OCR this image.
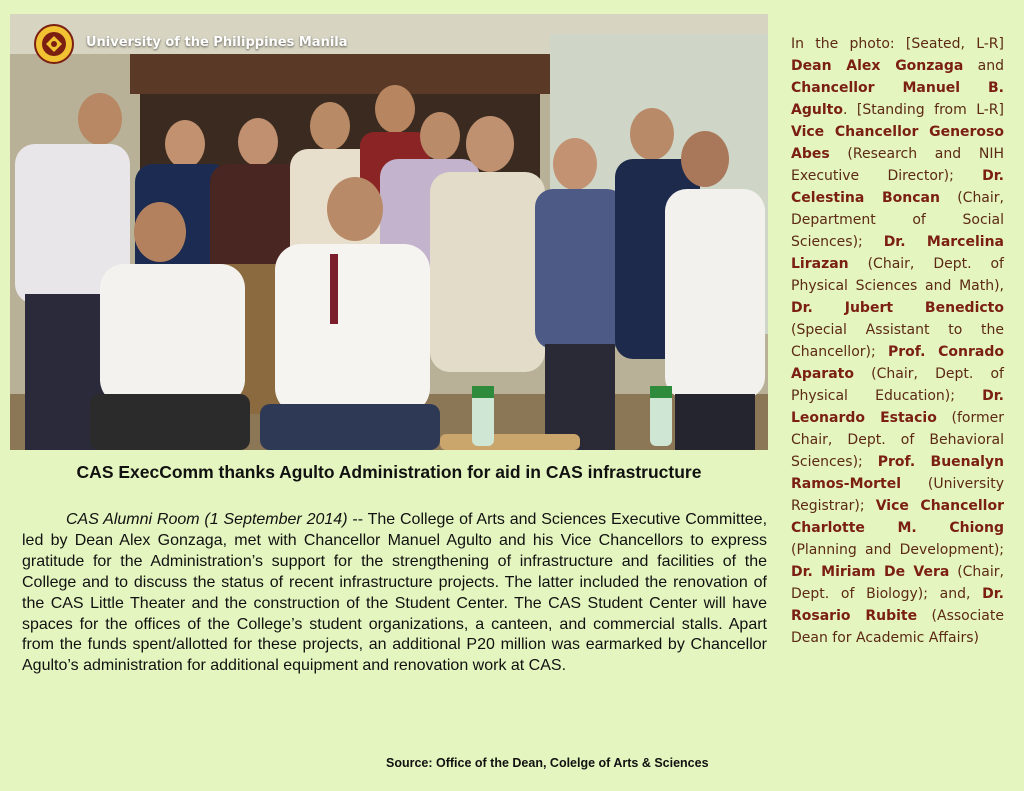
University of the Philippines Manila
CAS ExecComm thanks Agulto Administration for aid in CAS infrastructure

CAS Alumni Room (1 September 2014) -- The College of Arts and Sciences Executive Committee, led by Dean Alex Gonzaga, met with Chancellor Manuel Agulto and his Vice Chancellors to express gratitude for the Administration’s support for the strengthening of infrastructure and facilities of the College and to discuss the status of recent infrastructure projects. The latter included the renovation of the CAS Little Theater and the construction of the Student Center. The CAS Student Center will have spaces for the offices of the College’s student organizations, a canteen, and commercial stalls. Apart from the funds spent/allotted for these projects, an additional P20 million was earmarked by Chancellor Agulto’s administration for additional equipment and renovation work at CAS.

Source: Office of the Dean, Colelge of Arts & Sciences

In the photo: [Seated, L-R] Dean Alex Gonzaga and Chancellor Manuel B. Agulto. [Standing from L-R] Vice Chancellor Generoso Abes (Research and NIH Executive Director); Dr. Celestina Boncan (Chair, Department of Social Sciences); Dr. Marcelina Lirazan (Chair, Dept. of Physical Sciences and Math), Dr. Jubert Benedicto (Special Assistant to the Chancellor); Prof. Conrado Aparato (Chair, Dept. of Physical Education); Dr. Leonardo Estacio (former Chair, Dept. of Behavioral Sciences); Prof. Buenalyn Ramos-Mortel (University Registrar); Vice Chancellor Charlotte M. Chiong (Planning and Development); Dr. Miriam De Vera (Chair, Dept. of Biology); and, Dr. Rosario Rubite (Associate Dean for Academic Affairs)
